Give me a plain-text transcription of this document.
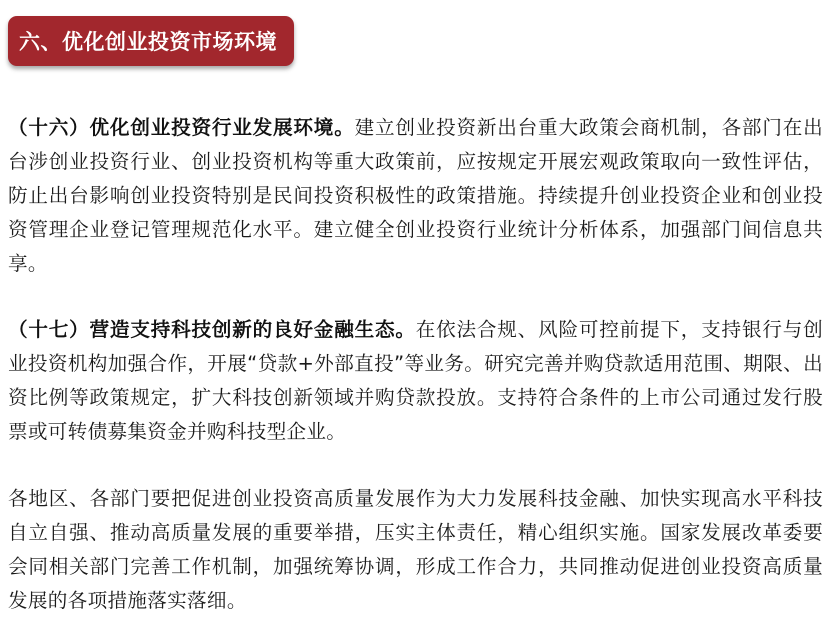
六、优化创业投资市场环境

（十六）优化创业投资行业发展环境。建立创业投资新出台重大政策会商机制，各部门在出台涉创业投资行业、创业投资机构等重大政策前，应按规定开展宏观政策取向一致性评估，防止出台影响创业投资特别是民间投资积极性的政策措施。持续提升创业投资企业和创业投资管理企业登记管理规范化水平。建立健全创业投资行业统计分析体系，加强部门间信息共享。

（十七）营造支持科技创新的良好金融生态。在依法合规、风险可控前提下，支持银行与创业投资机构加强合作，开展“贷款+外部直投”等业务。研究完善并购贷款适用范围、期限、出资比例等政策规定，扩大科技创新领域并购贷款投放。支持符合条件的上市公司通过发行股票或可转债募集资金并购科技型企业。

各地区、各部门要把促进创业投资高质量发展作为大力发展科技金融、加快实现高水平科技自立自强、推动高质量发展的重要举措，压实主体责任，精心组织实施。国家发展改革委要会同相关部门完善工作机制，加强统筹协调，形成工作合力，共同推动促进创业投资高质量发展的各项措施落实落细。
